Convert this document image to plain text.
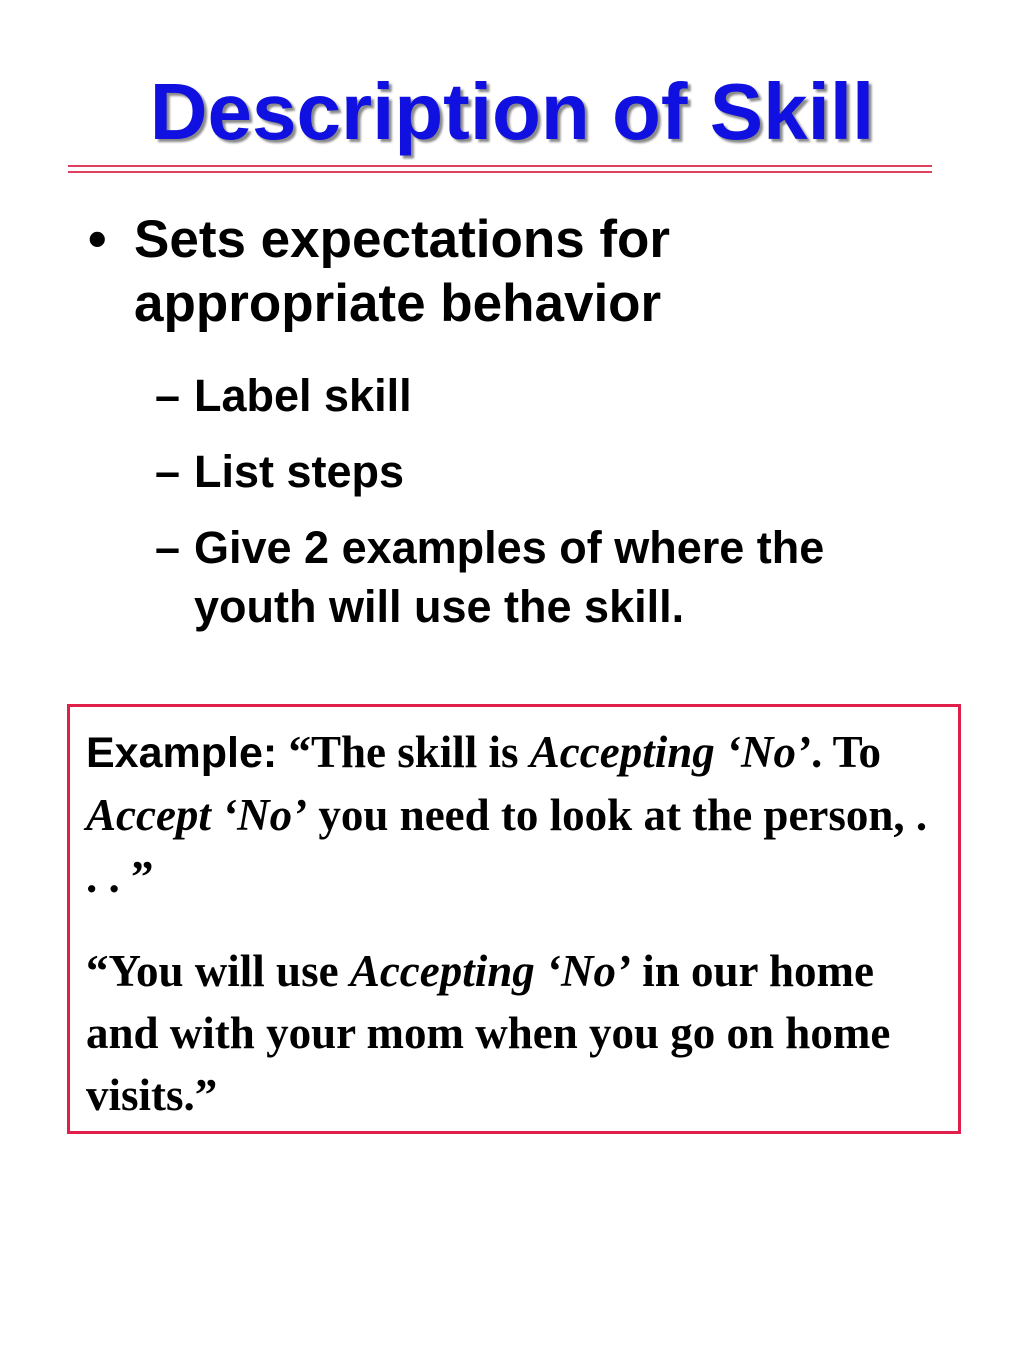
Description of Skill
• Sets expectations for appropriate behavior
– Label skill
– List steps
– Give 2 examples of where the youth will use the skill.

Example: “The skill is Accepting ‘No’. To Accept ‘No’ you need to look at the person, . . . ”

“You will use Accepting ‘No’ in our home and with your mom when you go on home visits.”
